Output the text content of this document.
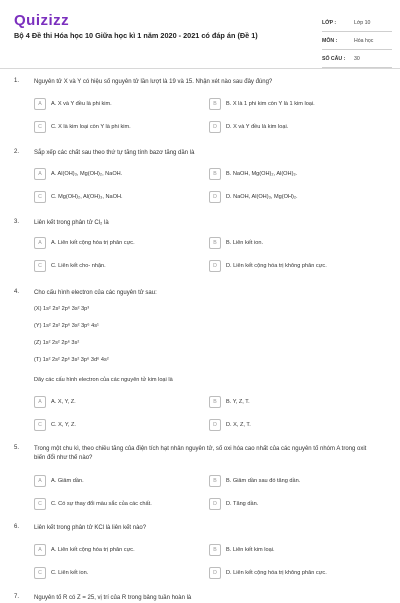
Quizizz
Bộ 4 Đề thi Hóa học 10 Giữa học kì 1 năm 2020 - 2021 có đáp án (Đề 1)
LỚP :	Lớp 10
MÔN :	Hóa học
SỐ CÂU :	30
1. Nguyên tử X và Y có hiệu số nguyên tử lần lượt là 19 và 15. Nhận xét nào sau đây đúng?
A	A. X và Y đều là phi kim.	B	B. X là 1 phi kim còn Y là 1 kim loại.
C	C. X là kim loại còn Y là phi kim.	D	D. X và Y đều là kim loại.
2. Sắp xếp các chất sau theo thứ tự tăng tính bazơ tăng dần là
A	A. Al(OH)₃, Mg(OH)₂, NaOH.	B	B. NaOH, Mg(OH)₂, Al(OH)₃.
C	C. Mg(OH)₂, Al(OH)₃, NaOH.	D	D. NaOH, Al(OH)₃, Mg(OH)₂.
3. Liên kết trong phân tử Cl₂ là
A	A. Liên kết cộng hóa trị phân cực.	B	B. Liên kết ion.
C	C. Liên kết cho- nhận.	D	D. Liên kết cộng hóa trị không phân cực.
4. Cho cấu hình electron của các nguyên tử sau:
(X) 1s² 2s² 2p⁶ 3s² 3p³
(Y) 1s² 2s² 2p⁶ 3s² 3p⁶ 4s¹
(Z) 1s² 2s² 2p⁶ 3s²
(T) 1s² 2s² 2p⁶ 3s² 3p⁶ 3d⁶ 4s²
Dãy các cấu hình electron của các nguyên tử kim loại là
A	A. X, Y, Z.	B	B. Y, Z, T.
C	C. X, Y, Z.	D	D. X, Z, T.
5. Trong một chu kì, theo chiều tăng của điện tích hạt nhân nguyên tử, số oxi hóa cao nhất của các nguyên tố nhóm A trong oxit biến đổi như thế nào?
A	A. Giảm dần.	B	B. Giảm dần sau đó tăng dần.
C	C. Có sự thay đổi màu sắc của các chất.	D	D. Tăng dần.
6. Liên kết trong phân tử KCl là liên kết nào?
A	A. Liên kết cộng hóa trị phân cực.	B	B. Liên kết kim loại.
C	C. Liên kết ion.	D	D. Liên kết cộng hóa trị không phân cực.
7. Nguyên tố R có Z = 25, vị trí của R trong bảng tuần hoàn là
